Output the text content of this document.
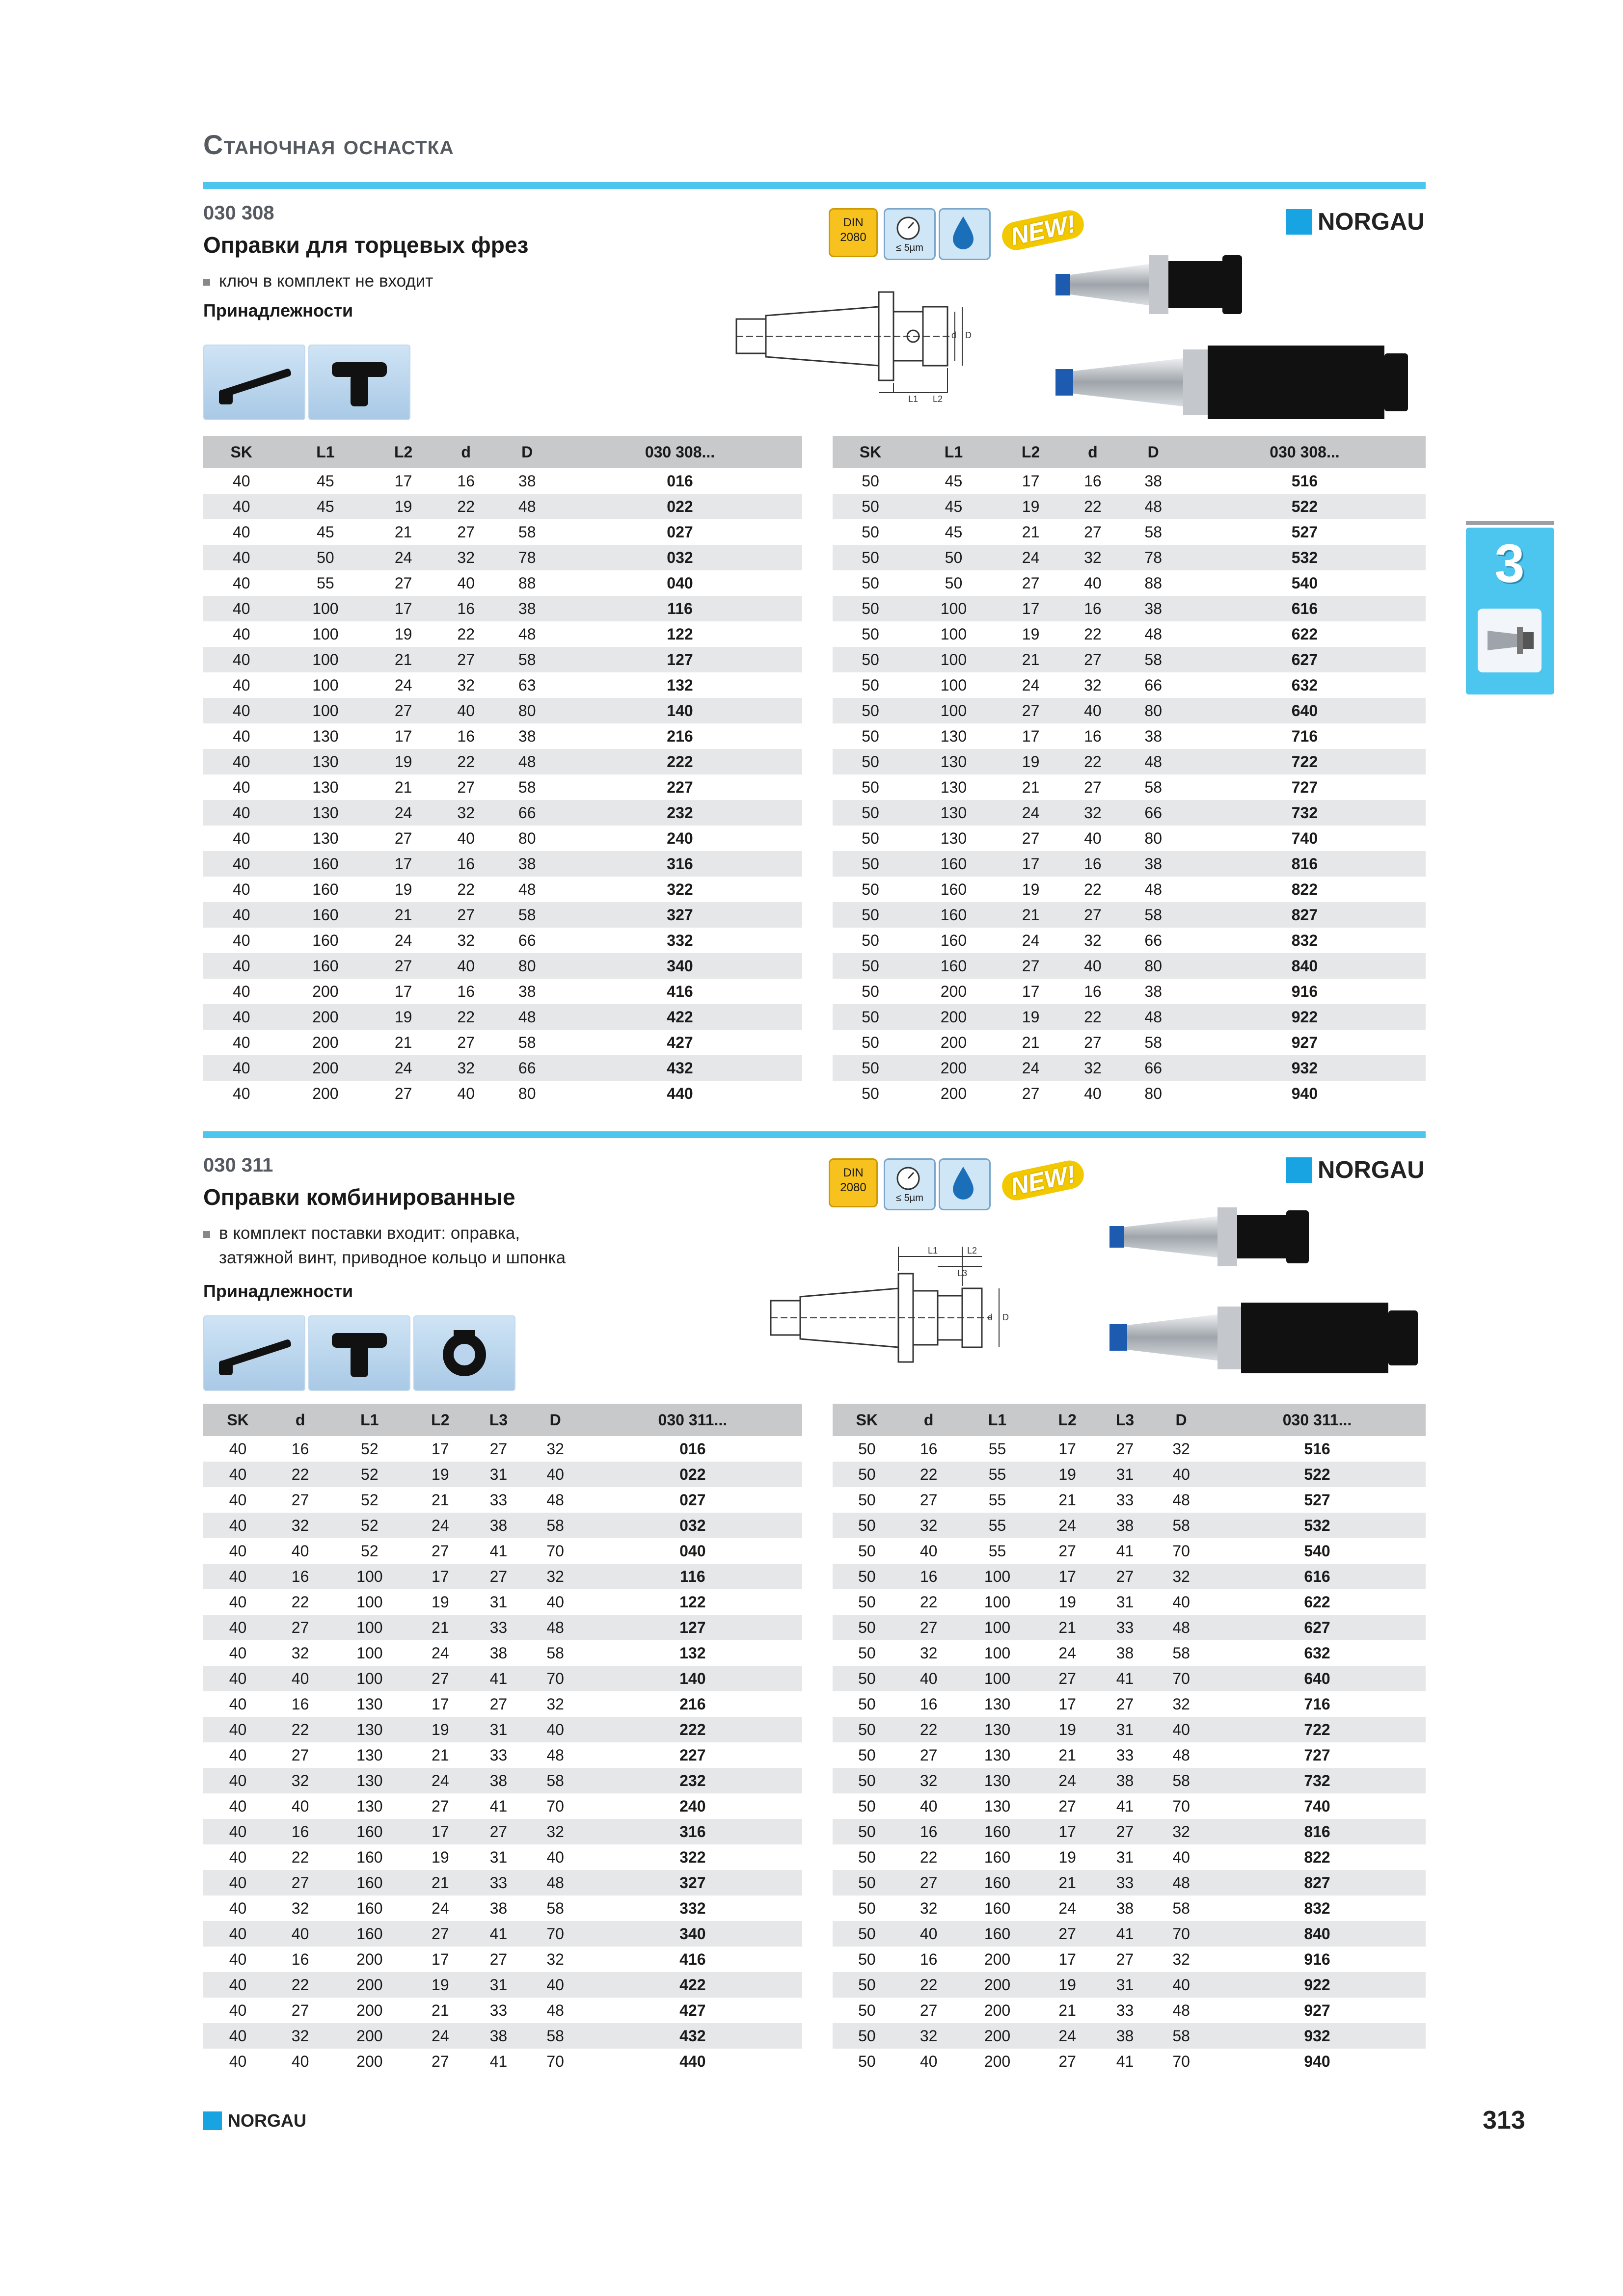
Станочная оснастка
030 308
Оправки для торцевых фрез
ключ в комплект не входит
Принадлежности
DIN
2080
≤ 5µm	NEW!	NORGAU
L1 L2
d D
SK	L1	L2	d	D	030 308...
40	45	17	16	38	016
40	45	19	22	48	022
40	45	21	27	58	027
40	50	24	32	78	032
40	55	27	40	88	040
40	100	17	16	38	116
40	100	19	22	48	122
40	100	21	27	58	127
40	100	24	32	63	132
40	100	27	40	80	140
40	130	17	16	38	216
40	130	19	22	48	222
40	130	21	27	58	227
40	130	24	32	66	232
40	130	27	40	80	240
40	160	17	16	38	316
40	160	19	22	48	322
40	160	21	27	58	327
40	160	24	32	66	332
40	160	27	40	80	340
40	200	17	16	38	416
40	200	19	22	48	422
40	200	21	27	58	427
40	200	24	32	66	432
40	200	27	40	80	440
SK	L1	L2	d	D	030 308...
50	45	17	16	38	516
50	45	19	22	48	522
50	45	21	27	58	527
50	50	24	32	78	532
50	50	27	40	88	540
50	100	17	16	38	616
50	100	19	22	48	622
50	100	21	27	58	627
50	100	24	32	66	632
50	100	27	40	80	640
50	130	17	16	38	716
50	130	19	22	48	722
50	130	21	27	58	727
50	130	24	32	66	732
50	130	27	40	80	740
50	160	17	16	38	816
50	160	19	22	48	822
50	160	21	27	58	827
50	160	24	32	66	832
50	160	27	40	80	840
50	200	17	16	38	916
50	200	19	22	48	922
50	200	21	27	58	927
50	200	24	32	66	932
50	200	27	40	80	940
030 311
Оправки комбинированные
в комплект поставки входит: оправка,
затяжной винт, приводное кольцо и шпонка
Принадлежности
DIN
2080
≤ 5µm	NEW!	NORGAU
L1	L2
L3
d D
SK	d	L1	L2	L3	D	030 311...
40	16	52	17	27	32	016
40	22	52	19	31	40	022
40	27	52	21	33	48	027
40	32	52	24	38	58	032
40	40	52	27	41	70	040
40	16	100	17	27	32	116
40	22	100	19	31	40	122
40	27	100	21	33	48	127
40	32	100	24	38	58	132
40	40	100	27	41	70	140
40	16	130	17	27	32	216
40	22	130	19	31	40	222
40	27	130	21	33	48	227
40	32	130	24	38	58	232
40	40	130	27	41	70	240
40	16	160	17	27	32	316
40	22	160	19	31	40	322
40	27	160	21	33	48	327
40	32	160	24	38	58	332
40	40	160	27	41	70	340
40	16	200	17	27	32	416
40	22	200	19	31	40	422
40	27	200	21	33	48	427
40	32	200	24	38	58	432
40	40	200	27	41	70	440
SK	d	L1	L2	L3	D	030 311...
50	16	55	17	27	32	516
50	22	55	19	31	40	522
50	27	55	21	33	48	527
50	32	55	24	38	58	532
50	40	55	27	41	70	540
50	16	100	17	27	32	616
50	22	100	19	31	40	622
50	27	100	21	33	48	627
50	32	100	24	38	58	632
50	40	100	27	41	70	640
50	16	130	17	27	32	716
50	22	130	19	31	40	722
50	27	130	21	33	48	727
50	32	130	24	38	58	732
50	40	130	27	41	70	740
50	16	160	17	27	32	816
50	22	160	19	31	40	822
50	27	160	21	33	48	827
50	32	160	24	38	58	832
50	40	160	27	41	70	840
50	16	200	17	27	32	916
50	22	200	19	31	40	922
50	27	200	21	33	48	927
50	32	200	24	38	58	932
50	40	200	27	41	70	940
3
NORGAU	313
